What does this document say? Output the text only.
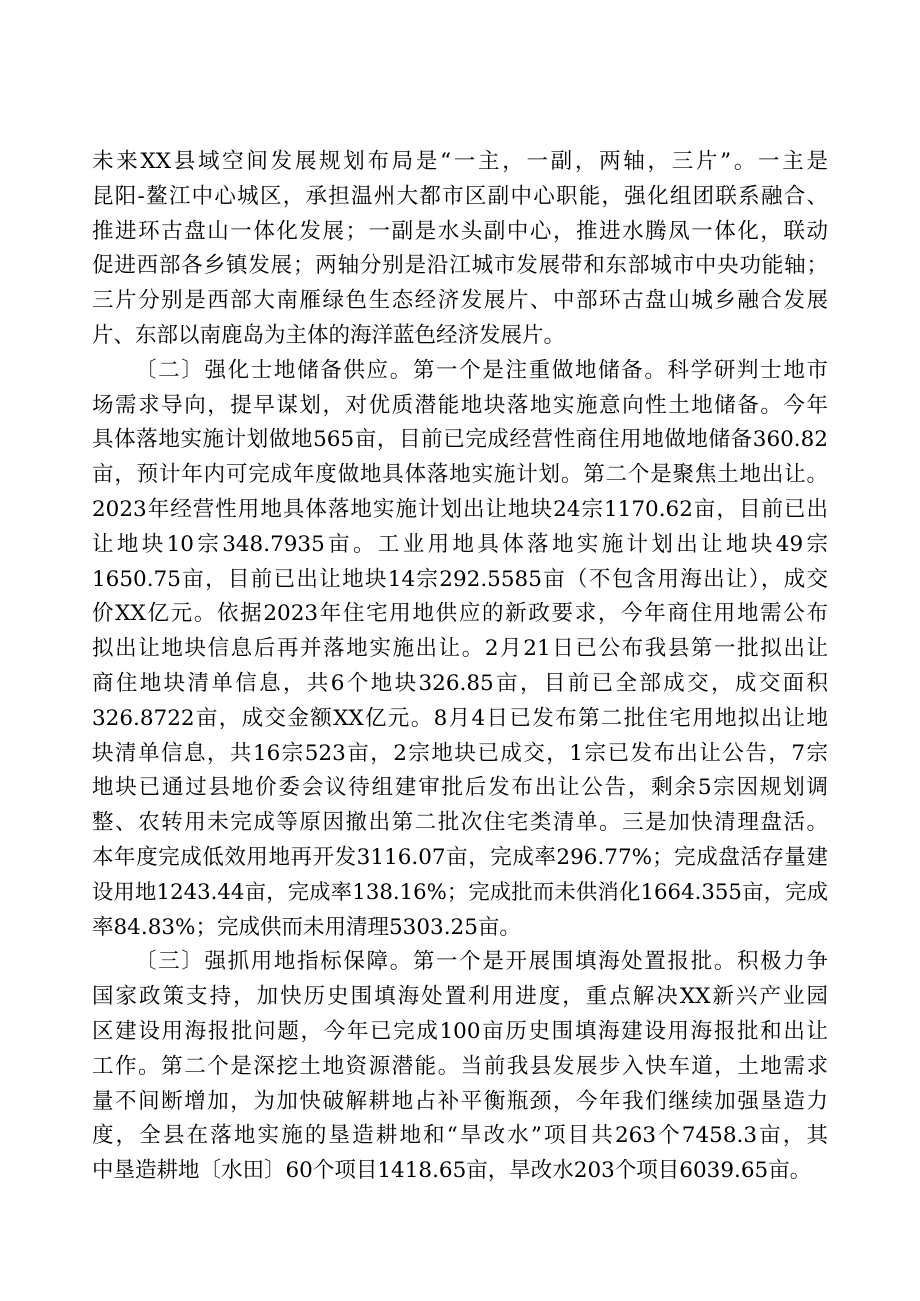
未来XX县域空间发展规划布局是“一主，一副，两轴，三片”。一主是
昆阳-鳌江中心城区，承担温州大都市区副中心职能，强化组团联系融合、
推进环古盘山一体化发展；一副是水头副中心，推进水腾凤一体化，联动
促进西部各乡镇发展；两轴分别是沿江城市发展带和东部城市中央功能轴；
三片分别是西部大南雁绿色生态经济发展片、中部环古盘山城乡融合发展
片、东部以南鹿岛为主体的海洋蓝色经济发展片。
〔二〕强化士地储备供应。第一个是注重做地储备。科学研判士地市
场需求导向，提早谋划，对优质潜能地块落地实施意向性土地储备。今年
具体落地实施计划做地565亩，目前已完成经营性商住用地做地储备360.82
亩，预计年内可完成年度做地具体落地实施计划。第二个是聚焦土地出让。
2023年经营性用地具体落地实施计划出让地块24宗1170.62亩，目前已出
让地块10宗348.7935亩。工业用地具体落地实施计划出让地块49宗
1650.75亩，目前已出让地块14宗292.5585亩（不包含用海出让），成交
价XX亿元。依据2023年住宅用地供应的新政要求，今年商住用地需公布
拟出让地块信息后再并落地实施出让。2月21日已公布我县第一批拟出让
商住地块清单信息，共6个地块326.85亩，目前已全部成交，成交面积
326.8722亩，成交金额XX亿元。8月4日已发布第二批住宅用地拟出让地
块清单信息，共16宗523亩，2宗地块已成交，1宗已发布出让公告，7宗
地块已通过县地价委会议待组建审批后发布出让公告，剩余5宗因规划调
整、农转用未完成等原因撤出第二批次住宅类清单。三是加快清理盘活。
本年度完成低效用地再开发3116.07亩，完成率296.77%；完成盘活存量建
设用地1243.44亩，完成率138.16%；完成批而未供消化1664.355亩，完成
率84.83%；完成供而未用清理5303.25亩。
〔三〕强抓用地指标保障。第一个是开展围填海处置报批。积极力争
国家政策支持，加快历史围填海处置利用进度，重点解决XX新兴产业园
区建设用海报批问题，今年已完成100亩历史围填海建设用海报批和出让
工作。第二个是深挖土地资源潜能。当前我县发展步入快车道，土地需求
量不间断增加，为加快破解耕地占补平衡瓶颈，今年我们继续加强垦造力
度，全县在落地实施的垦造耕地和“旱改水”项目共263个7458.3亩，其
中垦造耕地〔水田〕60个项目1418.65亩，旱改水203个项目6039.65亩。
